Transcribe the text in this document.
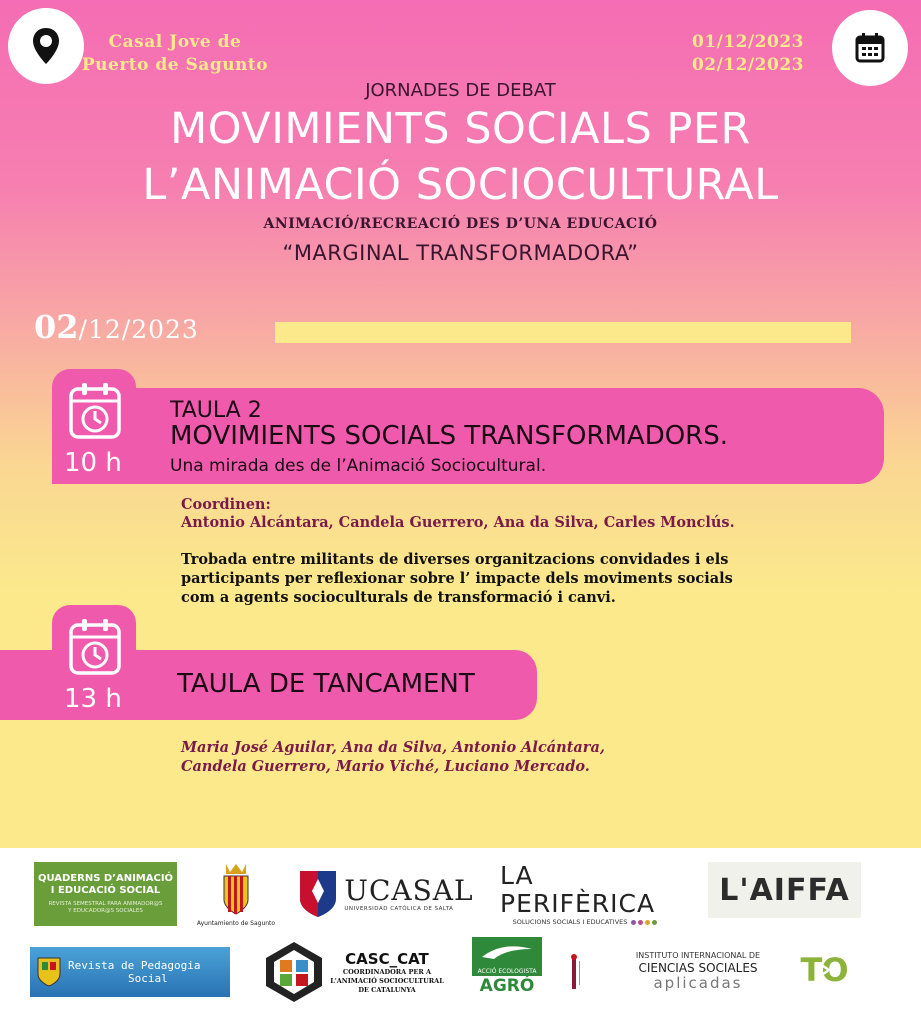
Casal Jove de
Puerto de Sagunto
01/12/2023
02/12/2023
JORNADES DE DEBAT
MOVIMIENTS SOCIALS PER
L’ANIMACIÓ SOCIOCULTURAL
ANIMACIÓ/RECREACIÓ DES D’UNA EDUCACIÓ
“MARGINAL TRANSFORMADORA”
02/12/2023
10 h
TAULA 2
MOVIMIENTS SOCIALS TRANSFORMADORS.
Una mirada des de l’Animació Sociocultural.
Coordinen:
Antonio Alcántara, Candela Guerrero, Ana da Silva, Carles Monclús.
Trobada entre militants de diverses organitzacions convidades i els
participants per reflexionar sobre l’ impacte dels moviments socials
com a agents socioculturals de transformació i canvi.
13 h TAULA DE TANCAMENT
Maria José Aguilar, Ana da Silva, Antonio Alcántara,
Candela Guerrero, Mario Viché, Luciano Mercado.
QUADERNS D’ANIMACIÓ
I EDUCACIÓ SOCIAL
REVISTA SEMESTRAL PARA ANIMADOR@S
Y EDUCADOR@S SOCIALES
Ayuntamiento de Sagunto
UCASAL
UNIVERSIDAD CATÓLICA DE SALTA
LA PERIFÈRICA
SOLUCIONS SOCIALS I EDUCATIVES
L'AIFFA
Revista de Pedagogia
Social
CASC_CAT
COORDINADORA PER A
L'ANIMACIÓ SOCIOCULTURAL
DE CATALUNYA
ACCIÓ ECOLOGISTA
AGRÓ
INSTITUTO INTERNACIONAL DE
CIENCIAS SOCIALES
aplicadas TO
